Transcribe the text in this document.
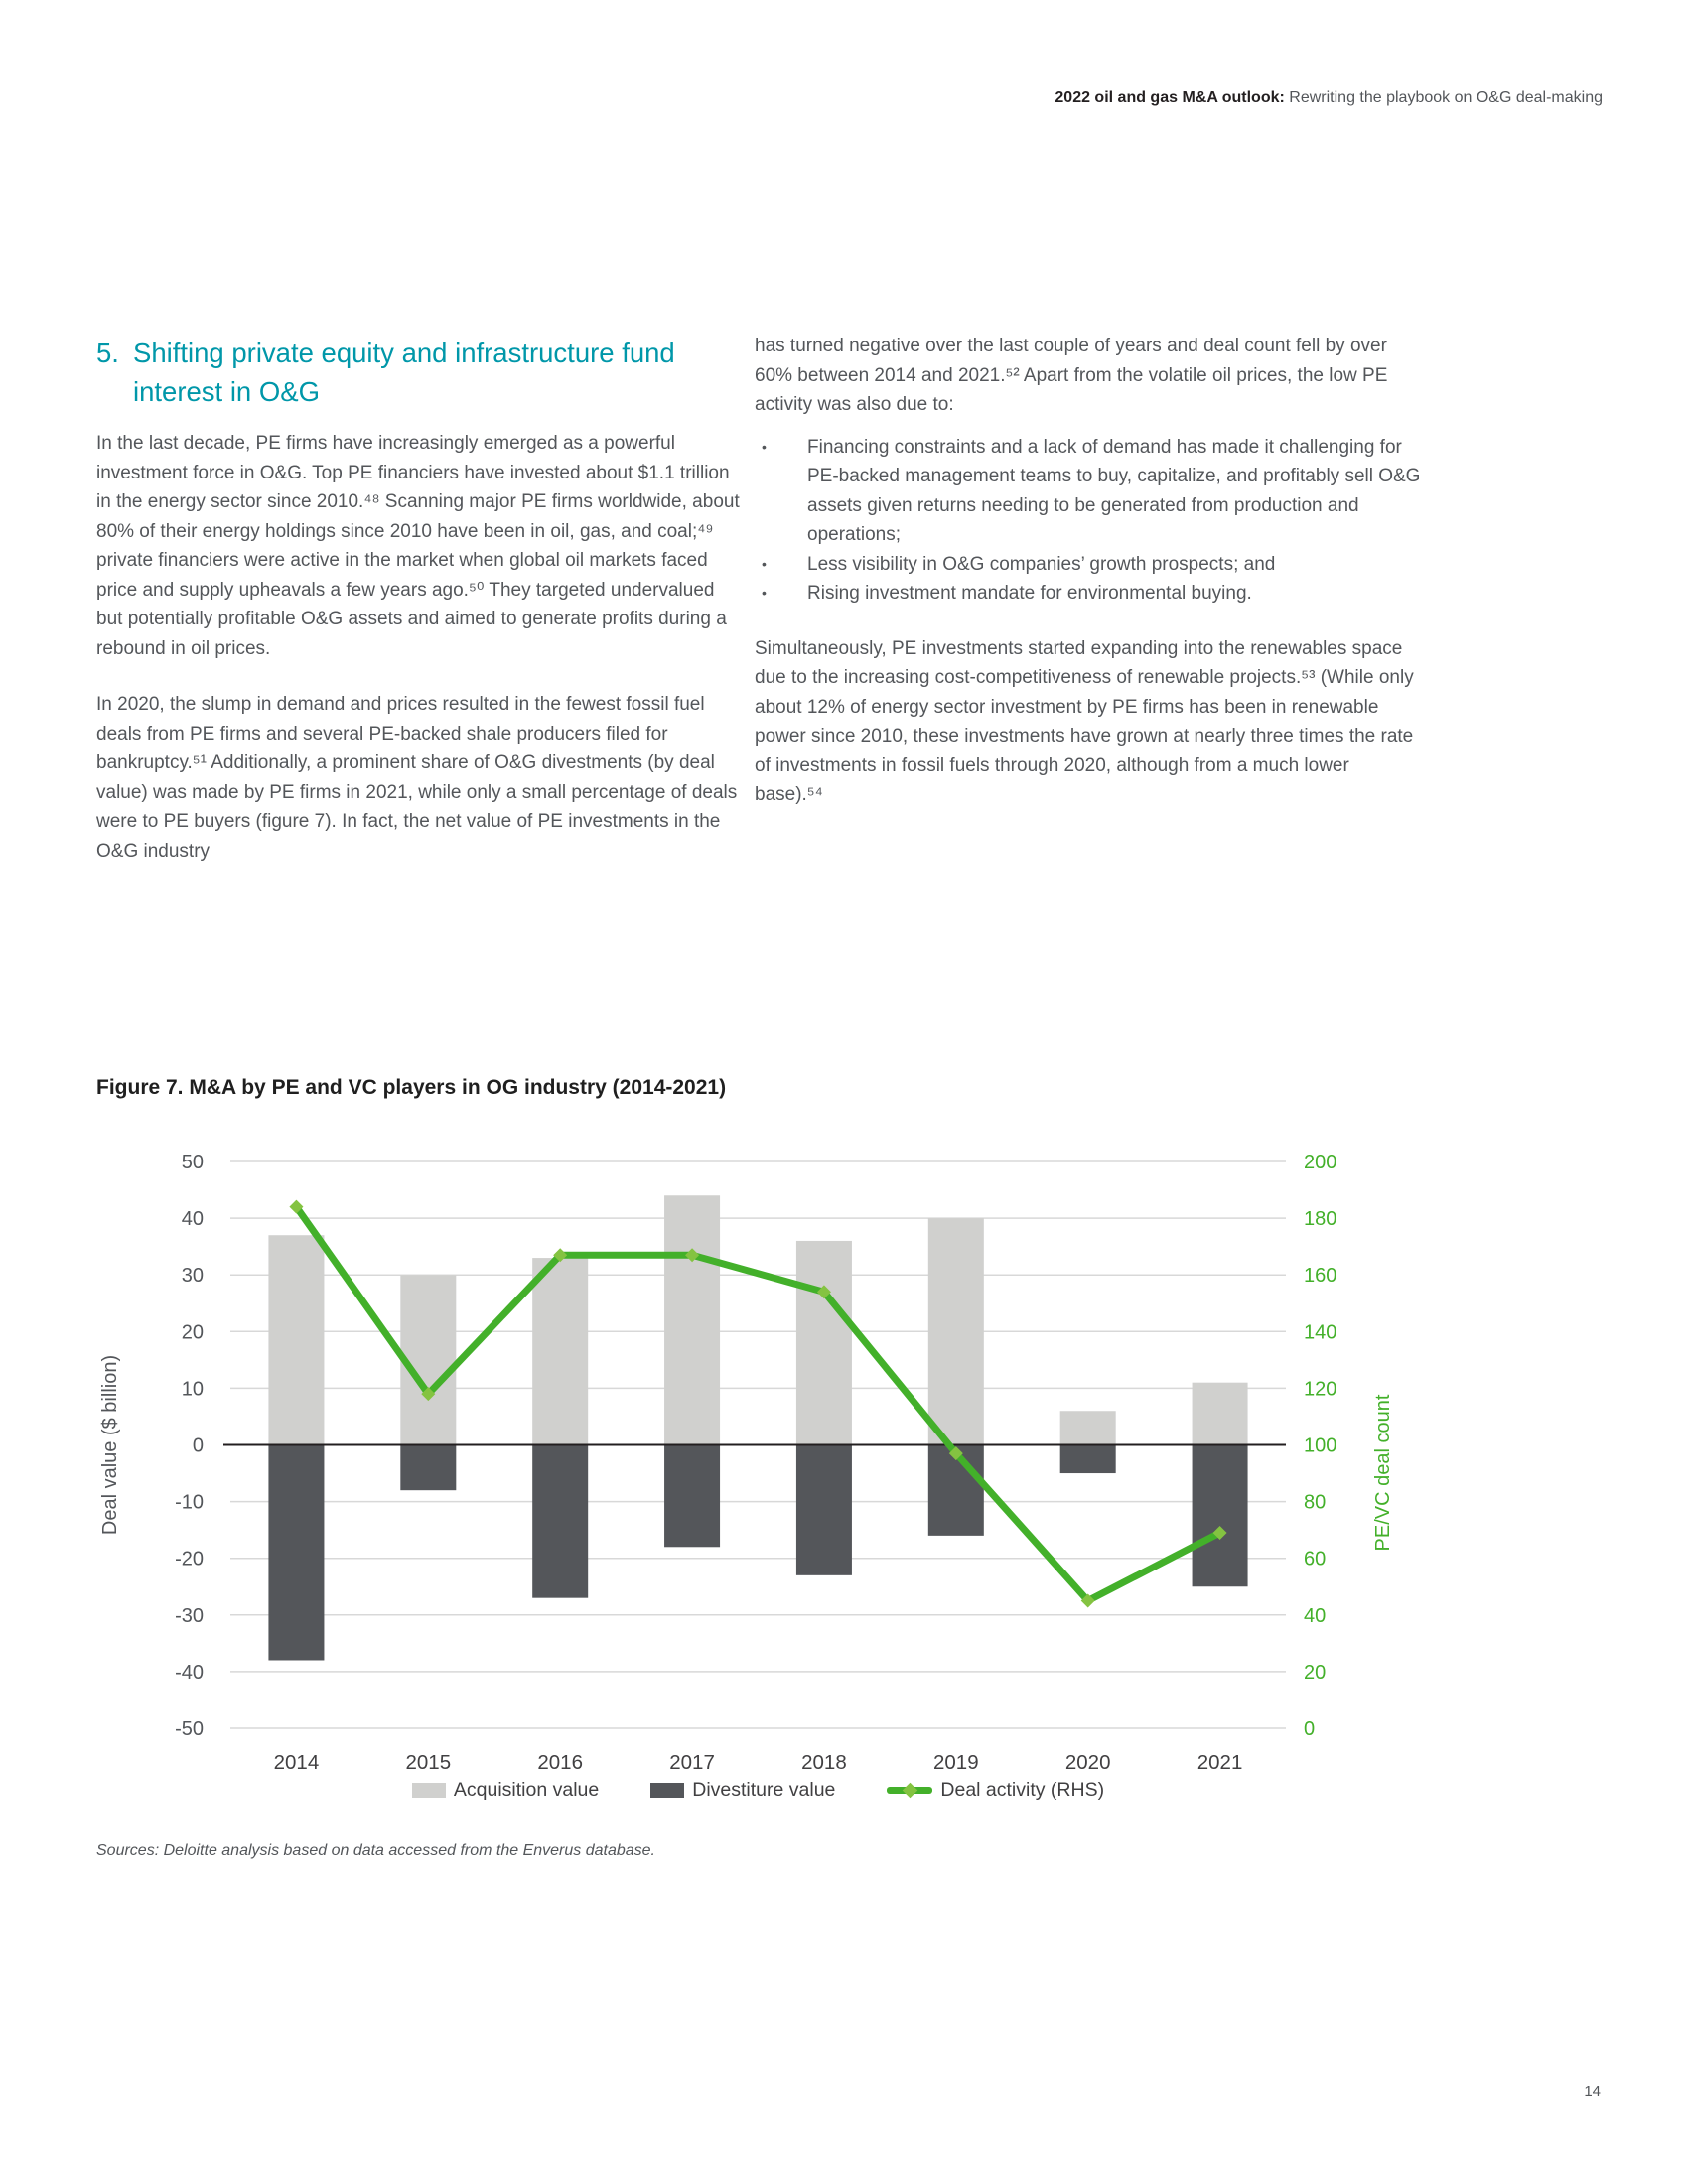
2022 oil and gas M&A outlook: Rewriting the playbook on O&G deal-making
5. Shifting private equity and infrastructure fund interest in O&G

In the last decade, PE firms have increasingly emerged as a powerful investment force in O&G. Top PE financiers have invested about $1.1 trillion in the energy sector since 2010.⁴⁸ Scanning major PE firms worldwide, about 80% of their energy holdings since 2010 have been in oil, gas, and coal;⁴⁹ private financiers were active in the market when global oil markets faced price and supply upheavals a few years ago.⁵⁰ They targeted undervalued but potentially profitable O&G assets and aimed to generate profits during a rebound in oil prices.

In 2020, the slump in demand and prices resulted in the fewest fossil fuel deals from PE firms and several PE-backed shale producers filed for bankruptcy.⁵¹ Additionally, a prominent share of O&G divestments (by deal value) was made by PE firms in 2021, while only a small percentage of deals were to PE buyers (figure 7). In fact, the net value of PE investments in the O&G industry

has turned negative over the last couple of years and deal count fell by over 60% between 2014 and 2021.⁵² Apart from the volatile oil prices, the low PE activity was also due to:

•	Financing constraints and a lack of demand has made it challenging for PE-backed management teams to buy, capitalize, and profitably sell O&G assets given returns needing to be generated from production and operations;
•	Less visibility in O&G companies’ growth prospects; and
•	Rising investment mandate for environmental buying.

Simultaneously, PE investments started expanding into the renewables space due to the increasing cost-competitiveness of renewable projects.⁵³ (While only about 12% of energy sector investment by PE firms has been in renewable power since 2010, these investments have grown at nearly three times the rate of investments in fossil fuels through 2020, although from a much lower base).⁵⁴

Figure 7. M&A by PE and VC players in OG industry (2014-2021)
50
40
30
20
10
0
-10
-20
-30
-40
-50
200
180
160
140
120
100
80
60
40
20
0
2014	2015	2016	2017	2018	2019	2020	2021
Deal value ($ billion)	PE/VC deal count
Acquisition value	Divestiture value	Deal activity (RHS)
Sources: Deloitte analysis based on data accessed from the Enverus database.
14
